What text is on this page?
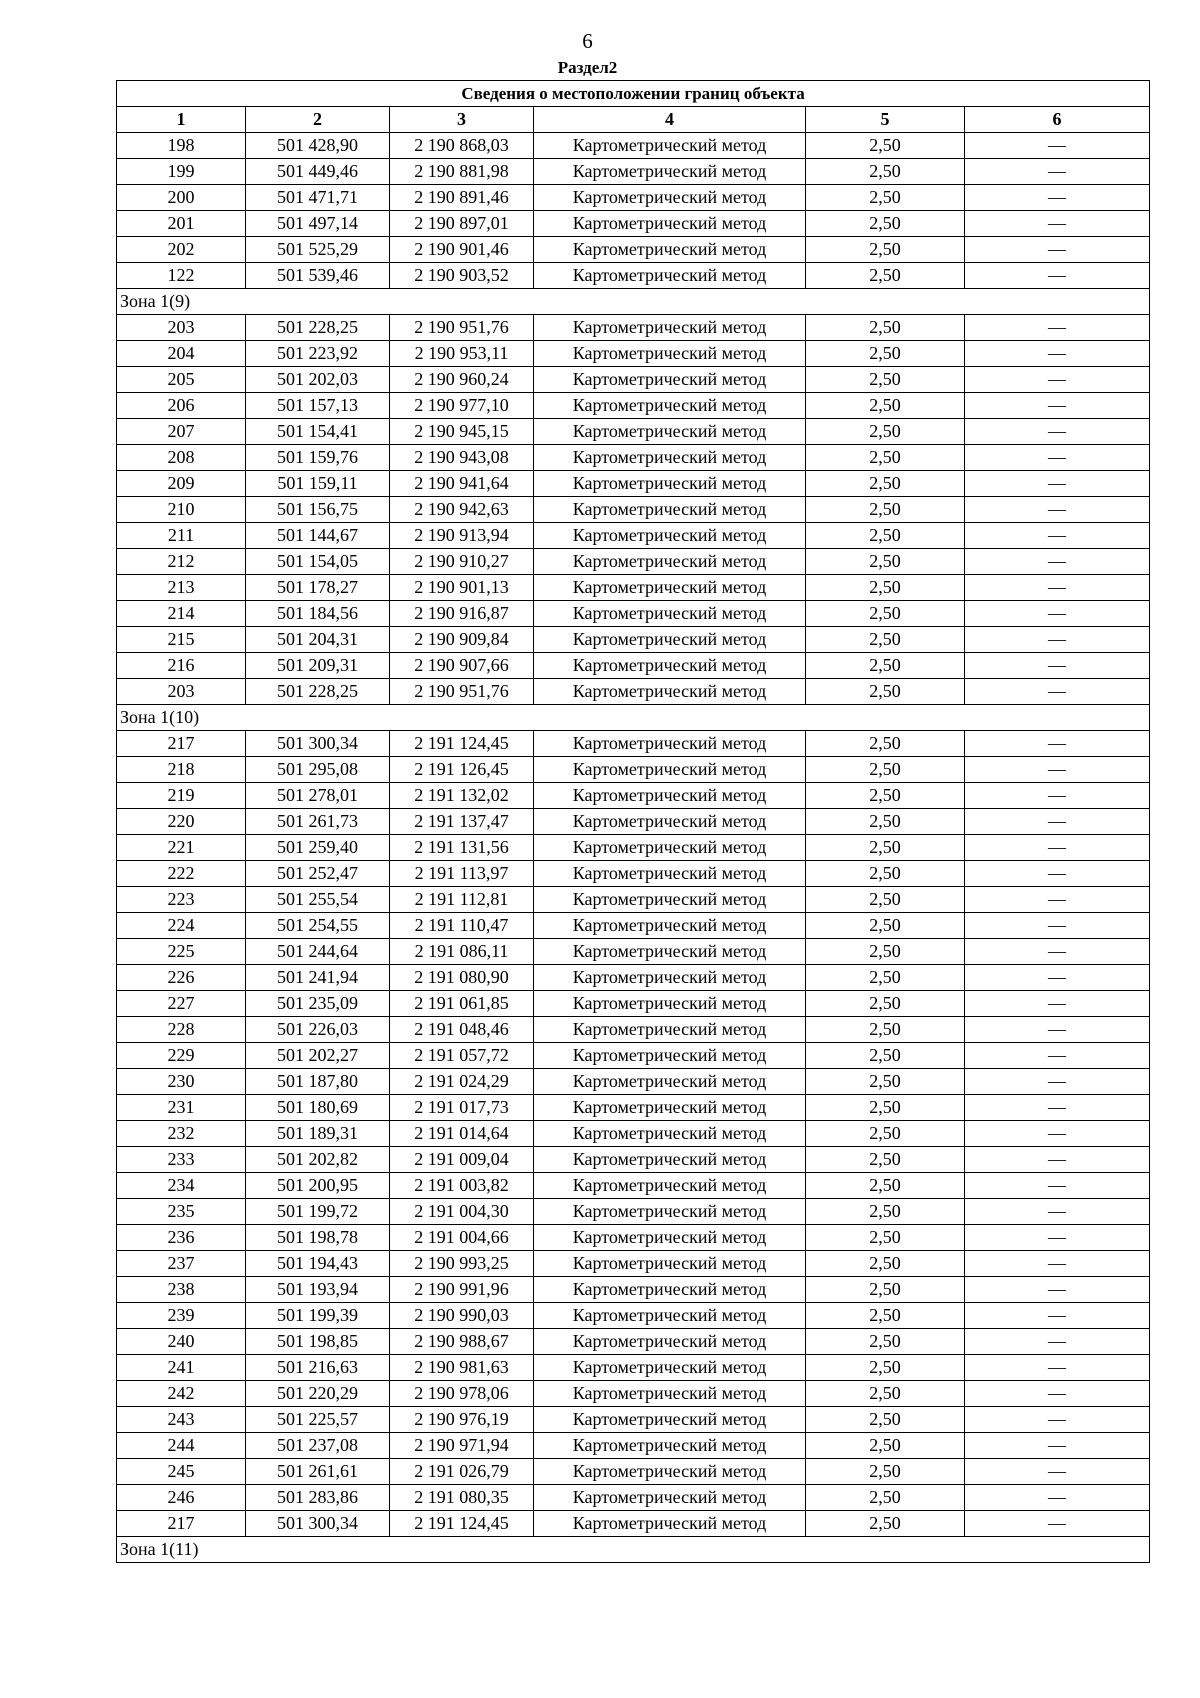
6
Раздел2
Сведения о местоположении границ объекта					
1	2	3	4	5	6
198	501 428,90	2 190 868,03	Картометрический метод	2,50	—
199	501 449,46	2 190 881,98	Картометрический метод	2,50	—
200	501 471,71	2 190 891,46	Картометрический метод	2,50	—
201	501 497,14	2 190 897,01	Картометрический метод	2,50	—
202	501 525,29	2 190 901,46	Картометрический метод	2,50	—
122	501 539,46	2 190 903,52	Картометрический метод	2,50	—
Зона 1(9)					
203	501 228,25	2 190 951,76	Картометрический метод	2,50	—
204	501 223,92	2 190 953,11	Картометрический метод	2,50	—
205	501 202,03	2 190 960,24	Картометрический метод	2,50	—
206	501 157,13	2 190 977,10	Картометрический метод	2,50	—
207	501 154,41	2 190 945,15	Картометрический метод	2,50	—
208	501 159,76	2 190 943,08	Картометрический метод	2,50	—
209	501 159,11	2 190 941,64	Картометрический метод	2,50	—
210	501 156,75	2 190 942,63	Картометрический метод	2,50	—
211	501 144,67	2 190 913,94	Картометрический метод	2,50	—
212	501 154,05	2 190 910,27	Картометрический метод	2,50	—
213	501 178,27	2 190 901,13	Картометрический метод	2,50	—
214	501 184,56	2 190 916,87	Картометрический метод	2,50	—
215	501 204,31	2 190 909,84	Картометрический метод	2,50	—
216	501 209,31	2 190 907,66	Картометрический метод	2,50	—
203	501 228,25	2 190 951,76	Картометрический метод	2,50	—
Зона 1(10)					
217	501 300,34	2 191 124,45	Картометрический метод	2,50	—
218	501 295,08	2 191 126,45	Картометрический метод	2,50	—
219	501 278,01	2 191 132,02	Картометрический метод	2,50	—
220	501 261,73	2 191 137,47	Картометрический метод	2,50	—
221	501 259,40	2 191 131,56	Картометрический метод	2,50	—
222	501 252,47	2 191 113,97	Картометрический метод	2,50	—
223	501 255,54	2 191 112,81	Картометрический метод	2,50	—
224	501 254,55	2 191 110,47	Картометрический метод	2,50	—
225	501 244,64	2 191 086,11	Картометрический метод	2,50	—
226	501 241,94	2 191 080,90	Картометрический метод	2,50	—
227	501 235,09	2 191 061,85	Картометрический метод	2,50	—
228	501 226,03	2 191 048,46	Картометрический метод	2,50	—
229	501 202,27	2 191 057,72	Картометрический метод	2,50	—
230	501 187,80	2 191 024,29	Картометрический метод	2,50	—
231	501 180,69	2 191 017,73	Картометрический метод	2,50	—
232	501 189,31	2 191 014,64	Картометрический метод	2,50	—
233	501 202,82	2 191 009,04	Картометрический метод	2,50	—
234	501 200,95	2 191 003,82	Картометрический метод	2,50	—
235	501 199,72	2 191 004,30	Картометрический метод	2,50	—
236	501 198,78	2 191 004,66	Картометрический метод	2,50	—
237	501 194,43	2 190 993,25	Картометрический метод	2,50	—
238	501 193,94	2 190 991,96	Картометрический метод	2,50	—
239	501 199,39	2 190 990,03	Картометрический метод	2,50	—
240	501 198,85	2 190 988,67	Картометрический метод	2,50	—
241	501 216,63	2 190 981,63	Картометрический метод	2,50	—
242	501 220,29	2 190 978,06	Картометрический метод	2,50	—
243	501 225,57	2 190 976,19	Картометрический метод	2,50	—
244	501 237,08	2 190 971,94	Картометрический метод	2,50	—
245	501 261,61	2 191 026,79	Картометрический метод	2,50	—
246	501 283,86	2 191 080,35	Картометрический метод	2,50	—
217	501 300,34	2 191 124,45	Картометрический метод	2,50	—
Зона 1(11)					
